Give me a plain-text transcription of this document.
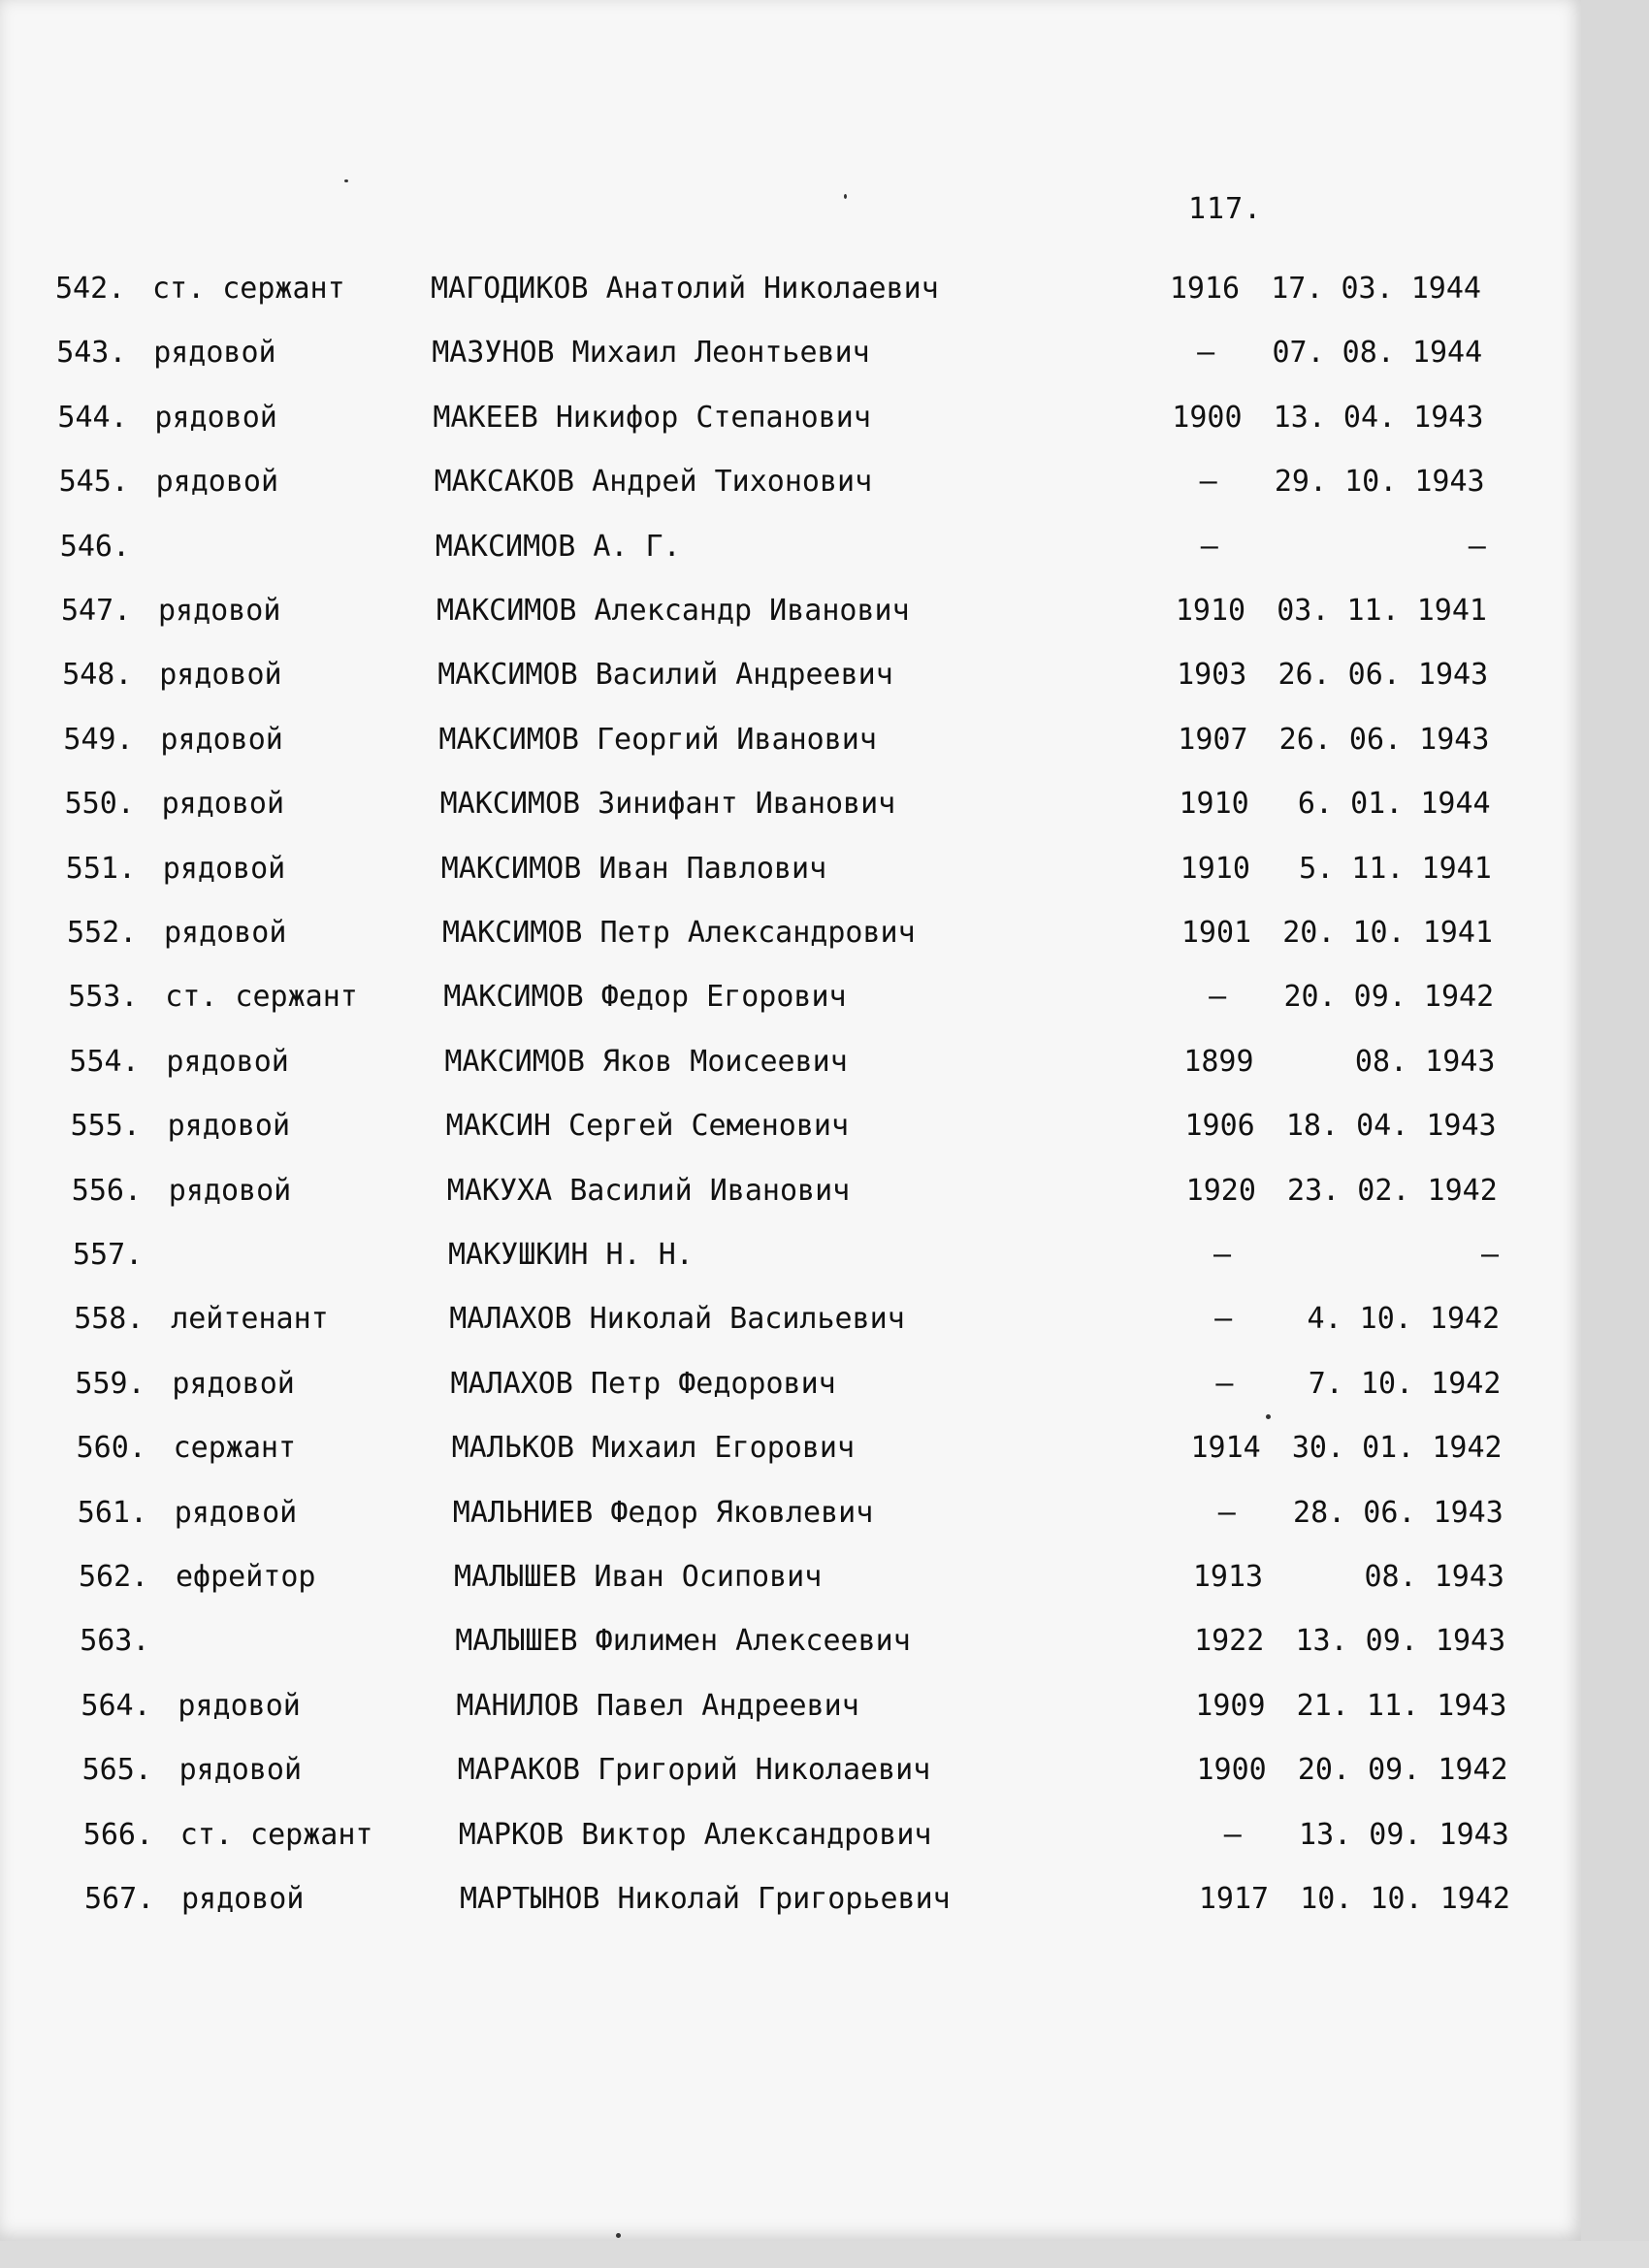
117.
542. ст. сержант	МАГОДИКОВ Анатолий Николаевич	1916	17. 03. 1944
543. рядовой	МАЗУНОВ Михаил Леонтьевич	–	07. 08. 1944
544. рядовой	МАКЕЕВ Никифор Степанович	1900	13. 04. 1943
545. рядовой	МАКСАКОВ Андрей Тихонович	–	29. 10. 1943
546.	МАКСИМОВ А. Г.	–	–
547. рядовой	МАКСИМОВ Александр Иванович	1910	03. 11. 1941
548. рядовой	МАКСИМОВ Василий Андреевич	1903	26. 06. 1943
549. рядовой	МАКСИМОВ Георгий Иванович	1907	26. 06. 1943
550. рядовой	МАКСИМОВ Зинифант Иванович	1910	6. 01. 1944
551. рядовой	МАКСИМОВ Иван Павлович	1910	5. 11. 1941
552. рядовой	МАКСИМОВ Петр Александрович	1901	20. 10. 1941
553. ст. сержант	МАКСИМОВ Федор Егорович	–	20. 09. 1942
554. рядовой	МАКСИМОВ Яков Моисеевич	1899	08. 1943
555. рядовой	МАКСИН Сергей Семенович	1906	18. 04. 1943
556. рядовой	МАКУХА Василий Иванович	1920	23. 02. 1942
557.	МАКУШКИН Н. Н.	–	–
558. лейтенант	МАЛАХОВ Николай Васильевич	–	4. 10. 1942
559. рядовой	МАЛАХОВ Петр Федорович	–	7. 10. 1942
560. сержант	МАЛЬКОВ Михаил Егорович	1914	30. 01. 1942
561. рядовой	МАЛЬНИЕВ Федор Яковлевич	–	28. 06. 1943
562. ефрейтор	МАЛЫШЕВ Иван Осипович	1913	08. 1943
563.	МАЛЫШЕВ Филимен Алексеевич	1922	13. 09. 1943
564. рядовой	МАНИЛОВ Павел Андреевич	1909	21. 11. 1943
565. рядовой	МАРАКОВ Григорий Николаевич	1900	20. 09. 1942
566. ст. сержант	МАРКОВ Виктор Александрович	–	13. 09. 1943
567. рядовой	МАРТЫНОВ Николай Григорьевич	1917	10. 10. 1942
